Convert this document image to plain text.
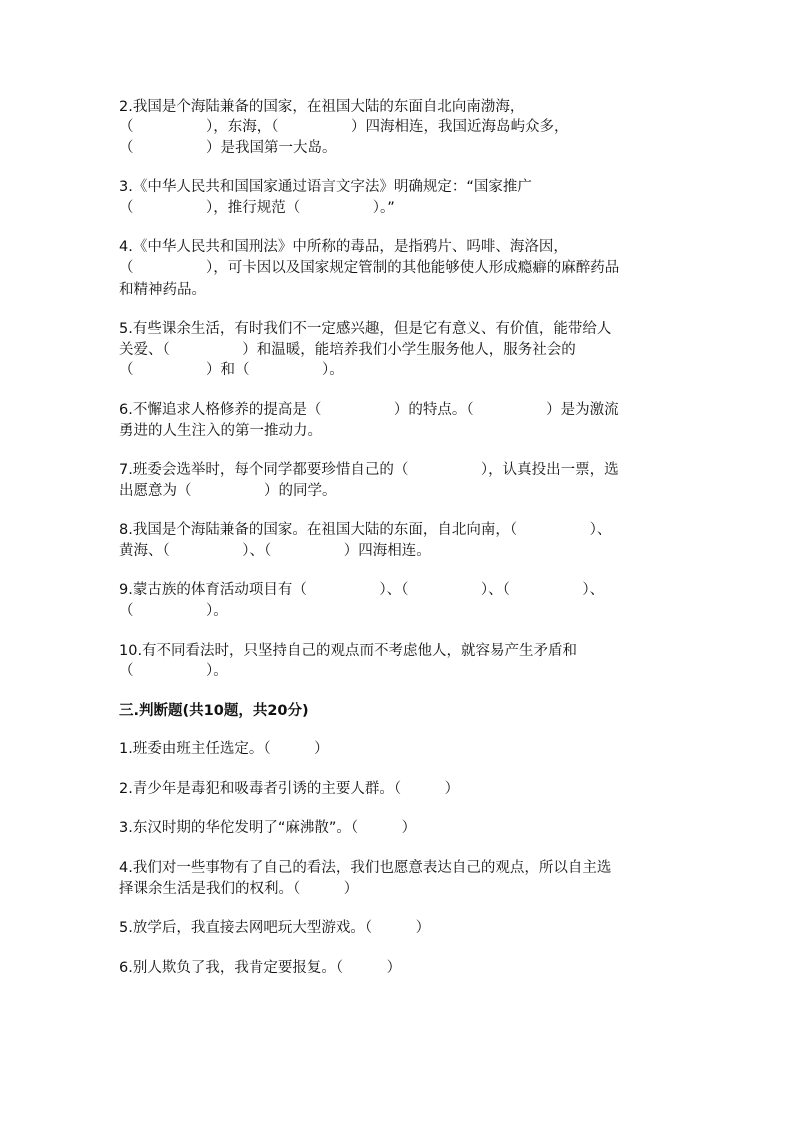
2.我国是个海陆兼备的国家，在祖国大陆的东面自北向南渤海，
（　　　　　），东海，（　　　　　）四海相连，我国近海岛屿众多，
（　　　　　）是我国第一大岛。
3.《中华人民共和国国家通过语言文字法》明确规定：“国家推广
（　　　　　），推行规范（　　　　　）。”
4.《中华人民共和国刑法》中所称的毒品，是指鸦片、吗啡、海洛因，
（　　　　　），可卡因以及国家规定管制的其他能够使人形成瘾癖的麻醉药品
和精神药品。
5.有些课余生活，有时我们不一定感兴趣，但是它有意义、有价值，能带给人
关爱、（　　　　　）和温暖，能培养我们小学生服务他人，服务社会的
（　　　　　）和（　　　　　）。
6.不懈追求人格修养的提高是（　　　　　）的特点。（　　　　　）是为激流
勇进的人生注入的第一推动力。
7.班委会选举时，每个同学都要珍惜自己的（　　　　　），认真投出一票，选
出愿意为（　　　　　）的同学。
8.我国是个海陆兼备的国家。在祖国大陆的东面，自北向南，（　　　　　）、
黄海、（　　　　　）、（　　　　　）四海相连。
9.蒙古族的体育活动项目有（　　　　　）、（　　　　　）、（　　　　　）、
（　　　　　）。
10.有不同看法时，只坚持自己的观点而不考虑他人，就容易产生矛盾和
（　　　　　）。
三.判断题(共10题，共20分)
1.班委由班主任选定。（　　　）
2.青少年是毒犯和吸毒者引诱的主要人群。（　　　）
3.东汉时期的华佗发明了“麻沸散”。（　　　）
4.我们对一些事物有了自己的看法，我们也愿意表达自己的观点，所以自主选
择课余生活是我们的权利。（　　　）
5.放学后，我直接去网吧玩大型游戏。（　　　）
6.别人欺负了我，我肯定要报复。（　　　）
